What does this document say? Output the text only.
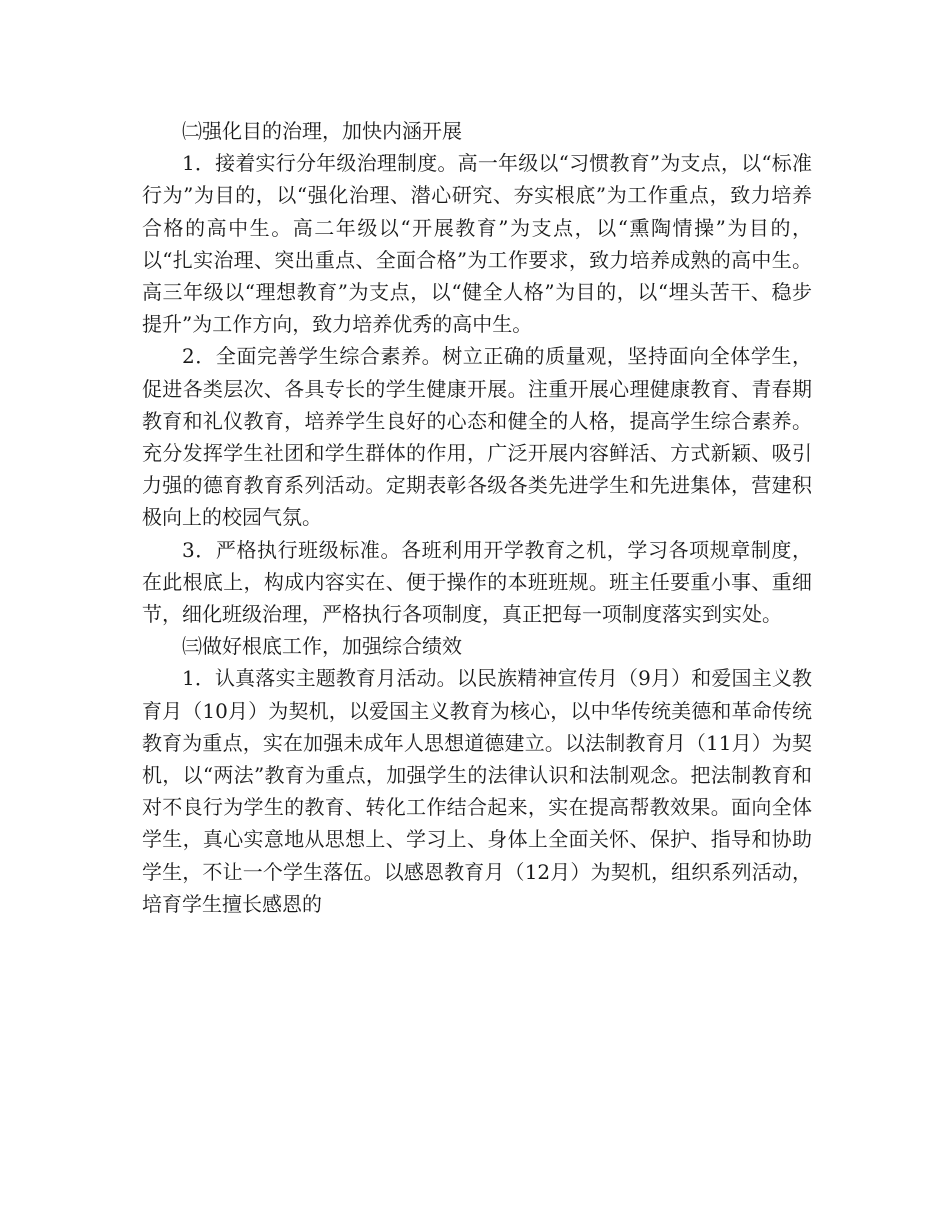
㈡强化目的治理，加快内涵开展

1．接着实行分年级治理制度。高一年级以“习惯教育”为支点，以“标准行为”为目的，以“强化治理、潜心研究、夯实根底”为工作重点，致力培养合格的高中生。高二年级以“开展教育”为支点，以“熏陶情操”为目的，以“扎实治理、突出重点、全面合格”为工作要求，致力培养成熟的高中生。高三年级以“理想教育”为支点，以“健全人格”为目的，以“埋头苦干、稳步提升”为工作方向，致力培养优秀的高中生。

2．全面完善学生综合素养。树立正确的质量观，坚持面向全体学生，促进各类层次、各具专长的学生健康开展。注重开展心理健康教育、青春期教育和礼仪教育，培养学生良好的心态和健全的人格，提高学生综合素养。充分发挥学生社团和学生群体的作用，广泛开展内容鲜活、方式新颖、吸引力强的德育教育系列活动。定期表彰各级各类先进学生和先进集体，营建积极向上的校园气氛。

3．严格执行班级标准。各班利用开学教育之机，学习各项规章制度，在此根底上，构成内容实在、便于操作的本班班规。班主任要重小事、重细节，细化班级治理，严格执行各项制度，真正把每一项制度落实到实处。

㈢做好根底工作，加强综合绩效

1．认真落实主题教育月活动。以民族精神宣传月（9月）和爱国主义教育月（10月）为契机，以爱国主义教育为核心，以中华传统美德和革命传统教育为重点，实在加强未成年人思想道德建立。以法制教育月（11月）为契机，以“两法”教育为重点，加强学生的法律认识和法制观念。把法制教育和对不良行为学生的教育、转化工作结合起来，实在提高帮教效果。面向全体学生，真心实意地从思想上、学习上、身体上全面关怀、保护、指导和协助学生，不让一个学生落伍。以感恩教育月（12月）为契机，组织系列活动，培育学生擅长感恩的
